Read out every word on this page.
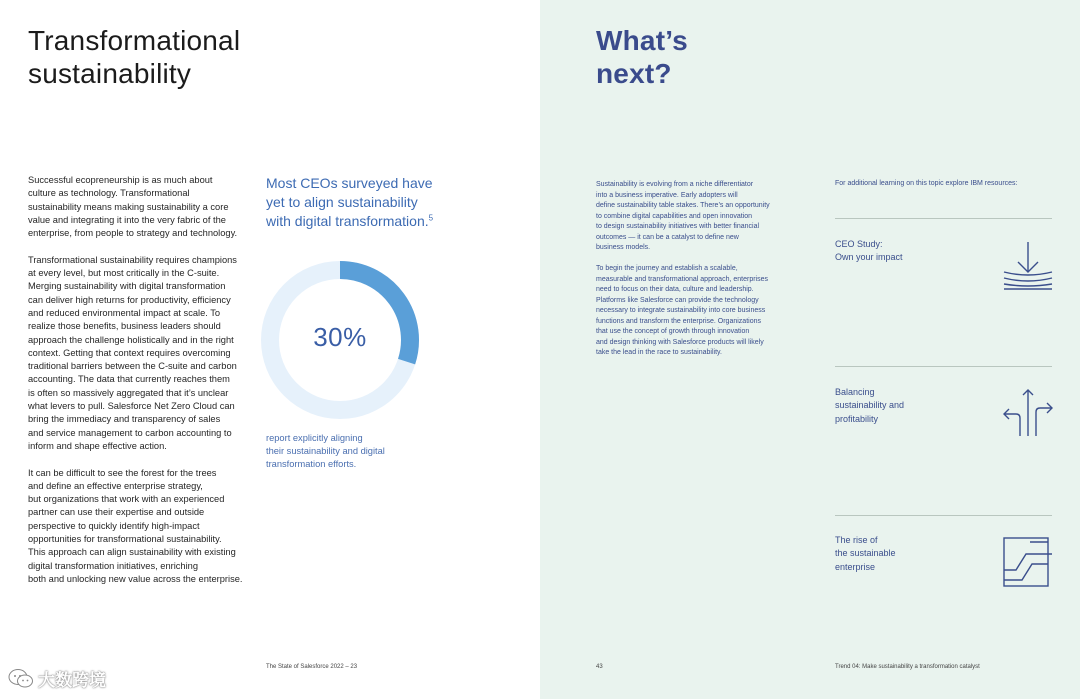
Transformational
sustainability

Successful ecopreneurship is as much about
culture as technology. Transformational
sustainability means making sustainability a core
value and integrating it into the very fabric of the
enterprise, from people to strategy and technology.

Transformational sustainability requires champions
at every level, but most critically in the C-suite.
Merging sustainability with digital transformation
can deliver high returns for productivity, efficiency
and reduced environmental impact at scale. To
realize those benefits, business leaders should
approach the challenge holistically and in the right
context. Getting that context requires overcoming
traditional barriers between the C-suite and carbon
accounting. The data that currently reaches them
is often so massively aggregated that it’s unclear
what levers to pull. Salesforce Net Zero Cloud can
bring the immediacy and transparency of sales
and service management to carbon accounting to
inform and shape effective action.

It can be difficult to see the forest for the trees
and define an effective enterprise strategy,
but organizations that work with an experienced
partner can use their expertise and outside
perspective to quickly identify high-impact
opportunities for transformational sustainability.
This approach can align sustainability with existing
digital transformation initiatives, enriching
both and unlocking new value across the enterprise.

Most CEOs surveyed have
yet to align sustainability
with digital transformation.$^5$
30%
report explicitly aligning
their sustainability and digital
transformation efforts.
The State of Salesforce 2022 – 23
大数跨境
What’s
next?

Sustainability is evolving from a niche differentiator
into a business imperative. Early adopters will
define sustainability table stakes. There’s an opportunity
to combine digital capabilities and open innovation
to design sustainability initiatives with better financial
outcomes — it can be a catalyst to define new
business models.

To begin the journey and establish a scalable,
measurable and transformational approach, enterprises
need to focus on their data, culture and leadership.
Platforms like Salesforce can provide the technology
necessary to integrate sustainability into core business
functions and transform the enterprise. Organizations
that use the concept of growth through innovation
and design thinking with Salesforce products will likely
take the lead in the race to sustainability.

For additional learning on this topic explore IBM resources:
CEO Study:
Own your impact
Balancing
sustainability and
profitability
The rise of
the sustainable
enterprise
43	Trend 04: Make sustainability a transformation catalyst
